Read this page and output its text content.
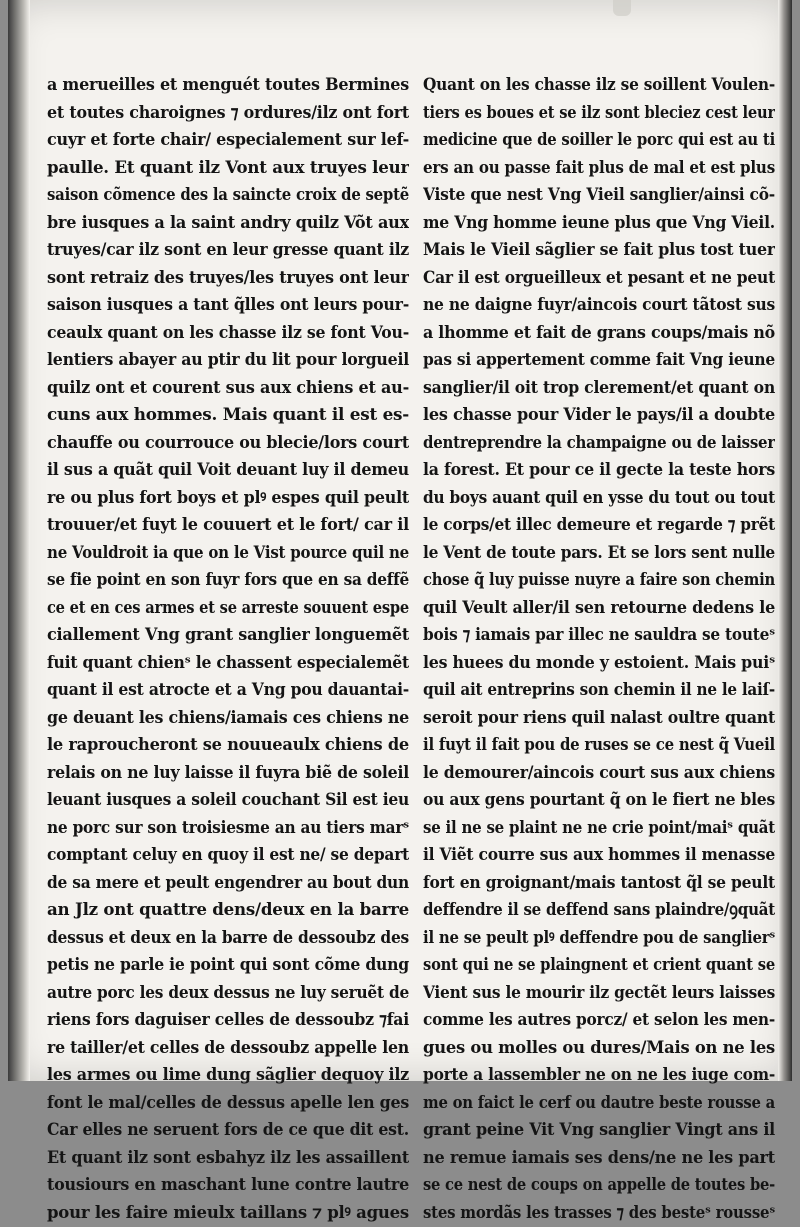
a merueilles et menguét toutes Bermines
et toutes charoignes ⁊ ordures/ilz ont fort
cuyr et forte chair/ especialement sur lef-
paulle. Et quant ilz Vont aux truyes leur
saison cõmence des la saincte croix de septẽ
bre iusques a la saint andry quilz Võt aux
truyes/car ilz sont en leur gresse quant ilz
sont retraiz des truyes/les truyes ont leur
saison iusques a tant q̃lles ont leurs pour-
ceaulx quant on les chasse ilz se font Vou-
lentiers abayer au ptir du lit pour lorgueil
quilz ont et courent sus aux chiens et au-
cuns aux hommes. Mais quant il est es-
chauffe ou courrouce ou blecie/lors court
il sus a quãt quil Voit deuant luy il demeu
re ou plus fort boys et plꝰ espes quil peult
trouuer/et fuyt le couuert et le fort/ car il
ne Vouldroit ia que on le Vist pource quil ne
se fie point en son fuyr fors que en sa deffẽ
ce et en ces armes et se arreste souuent espe
ciallement Vng grant sanglier longuemẽt
fuit quant chienˢ le chassent especialemẽt
quant il est atrocte et a Vng pou dauantai-
ge deuant les chiens/iamais ces chiens ne
le raproucheront se nouueaulx chiens de
relais on ne luy laisse il fuyra biẽ de soleil
leuant iusques a soleil couchant Sil est ieu
ne porc sur son troisiesme an au tiers marˢ
comptant celuy en quoy il est ne/ se depart
de sa mere et peult engendrer au bout dun
an Jlz ont quattre dens/deux en la barre
dessus et deux en la barre de dessoubz des
petis ne parle ie point qui sont cõme dung
autre porc les deux dessus ne luy seruẽt de
riens fors daguiser celles de dessoubz ⁊fai
re tailler/et celles de dessoubz appelle len
les armes ou lime dung sãglier dequoy ilz
font le mal/celles de dessus apelle len ges
Car elles ne seruent fors de ce que dit est.
Et quant ilz sont esbahyz ilz les assaillent
tousiours en maschant lune contre lautre
pour les faire mieulx taillans ⁊ plꝰ agues
Quant on les chasse ilz se soillent Voulen-
tiers es boues et se ilz sont bleciez cest leur
medicine que de soiller le porc qui est au ti
ers an ou passe fait plus de mal et est plus
Viste que nest Vng Vieil sanglier/ainsi cõ-
me Vng homme ieune plus que Vng Vieil.
Mais le Vieil sãglier se fait plus tost tuer
Car il est orgueilleux et pesant et ne peut
ne ne daigne fuyr/aincois court tãtost sus
a lhomme et fait de grans coups/mais nõ
pas si appertement comme fait Vng ieune
sanglier/il oit trop clerement/et quant on
les chasse pour Vider le pays/il a doubte
dentreprendre la champaigne ou de laisser
la forest. Et pour ce il gecte la teste hors
du boys auant quil en ysse du tout ou tout
le corps/et illec demeure et regarde ⁊ prẽt
le Vent de toute pars. Et se lors sent nulle
chose q̃ luy puisse nuyre a faire son chemin
quil Veult aller/il sen retourne dedens le
bois ⁊ iamais par illec ne sauldra se touteˢ
les huees du monde y estoient. Mais puiˢ
quil ait entreprins son chemin il ne le laiſ-
seroit pour riens quil nalast oultre quant
il fuyt il fait pou de ruses se ce nest q̃ Vueil
le demourer/aincois court sus aux chiens
ou aux gens pourtant q̃ on le fiert ne bles
se il ne se plaint ne ne crie point/maiˢ quãt
il Viẽt courre sus aux hommes il menasse
fort en groignant/mais tantost q̃l se peult
deffendre il se deffend sans plaindre/ꝯquãt
il ne se peult plꝰ deffendre pou de sanglierˢ
sont qui ne se plaingnent et crient quant se
Vient sus le mourir ilz gectẽt leurs laisses
comme les autres porcz/ et selon les men-
gues ou molles ou dures/Mais on ne les
porte a lassembler ne on ne les iuge com-
me on faict le cerf ou dautre beste rousse a
grant peine Vit Vng sanglier Vingt ans il
ne remue iamais ses dens/ne ne les part
se ce nest de coups on appelle de toutes be-
stes mordãs les trasses ⁊ des besteˢ rousseˢ
